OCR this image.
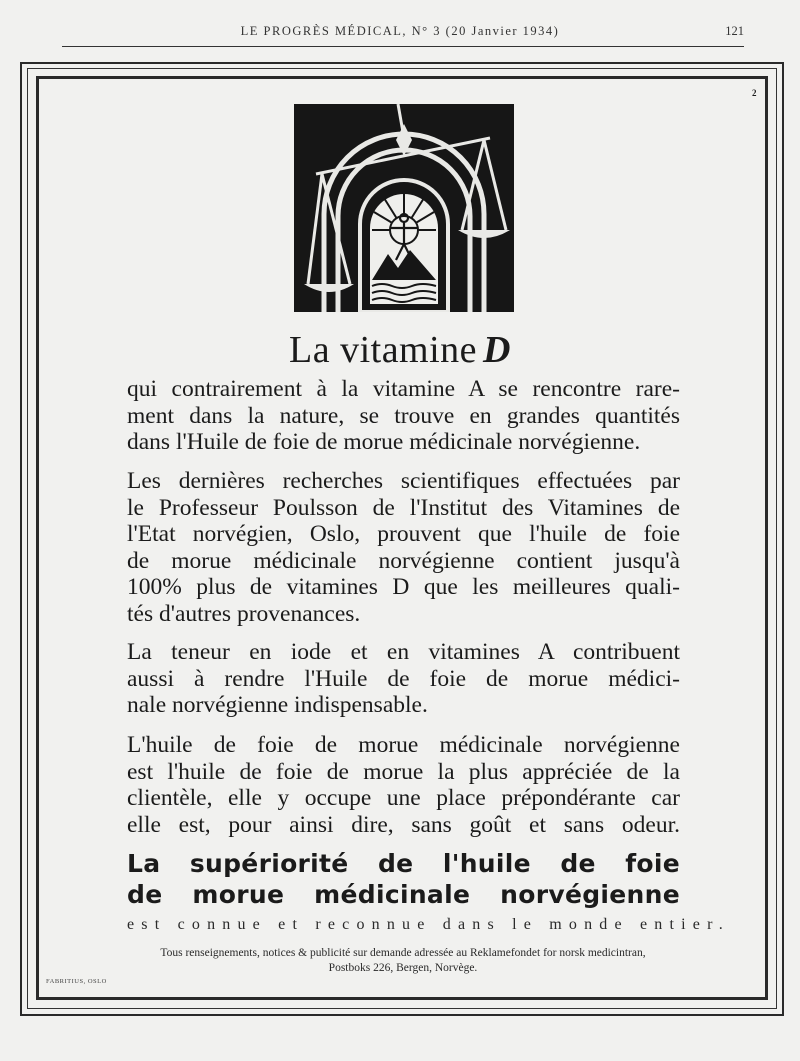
LE PROGRÈS MÉDICAL, N° 3 (20 Janvier 1934)	121
2
La vitamine D
qui contrairement à la vitamine A se rencontre rare-
ment dans la nature, se trouve en grandes quantités
dans l'Huile de foie de morue médicinale norvégienne.
Les dernières recherches scientifiques effectuées par
le Professeur Poulsson de l'Institut des Vitamines de
l'Etat norvégien, Oslo, prouvent que l'huile de foie
de morue médicinale norvégienne contient jusqu'à
100% plus de vitamines D que les meilleures quali-
tés d'autres provenances.
La teneur en iode et en vitamines A contribuent
aussi à rendre l'Huile de foie de morue médici-
nale norvégienne indispensable.
L'huile de foie de morue médicinale norvégienne
est l'huile de foie de morue la plus appréciée de la
clientèle, elle y occupe une place prépondérante car
elle est, pour ainsi dire, sans goût et sans odeur.
La supériorité de l'huile de foie
de morue médicinale norvégienne
est connue et reconnue dans le monde entier.
Tous renseignements, notices & publicité sur demande adressée au Reklamefondet for norsk medicintran,
Postboks 226, Bergen, Norvège.
FABRITIUS, OSLO
